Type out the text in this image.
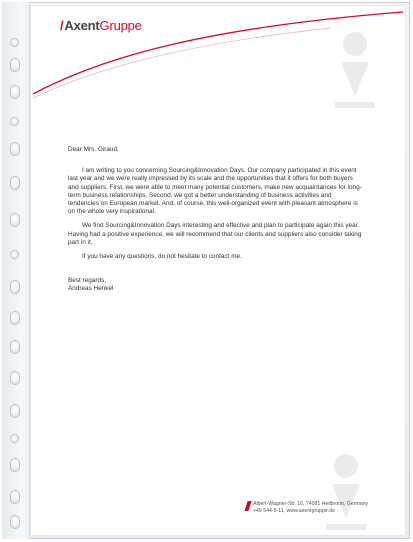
/AxentGruppe

Dear Mrs. Giraud,

I am writing to you concerning Sourcing&Innovation Days. Our company participated in this event last year and we were really impressed by its scale and the opportunities that it offers for both buyers and suppliers. First, we were able to meet many potential customers, make new acquaintances for long-term business relationships. Second, we got a better understanding of business activities and tendencies on European market. And, of course, this well-organized event with pleasant atmosphere is on the whole very inspirational.

We find Sourcing&Innovation Days interesting and effective and plan to participate again this year. Having had a positive experience, we will recommend that our clients and suppliers also consider taking part in it.

If you have any questions, do not hesitate to contact me.

Best regards,

Andreas Henkel

Albert-Wagner-Str. 16, 74081 Heilbronn, Germany
+49 544-9-11, www.axentgruppe.de
